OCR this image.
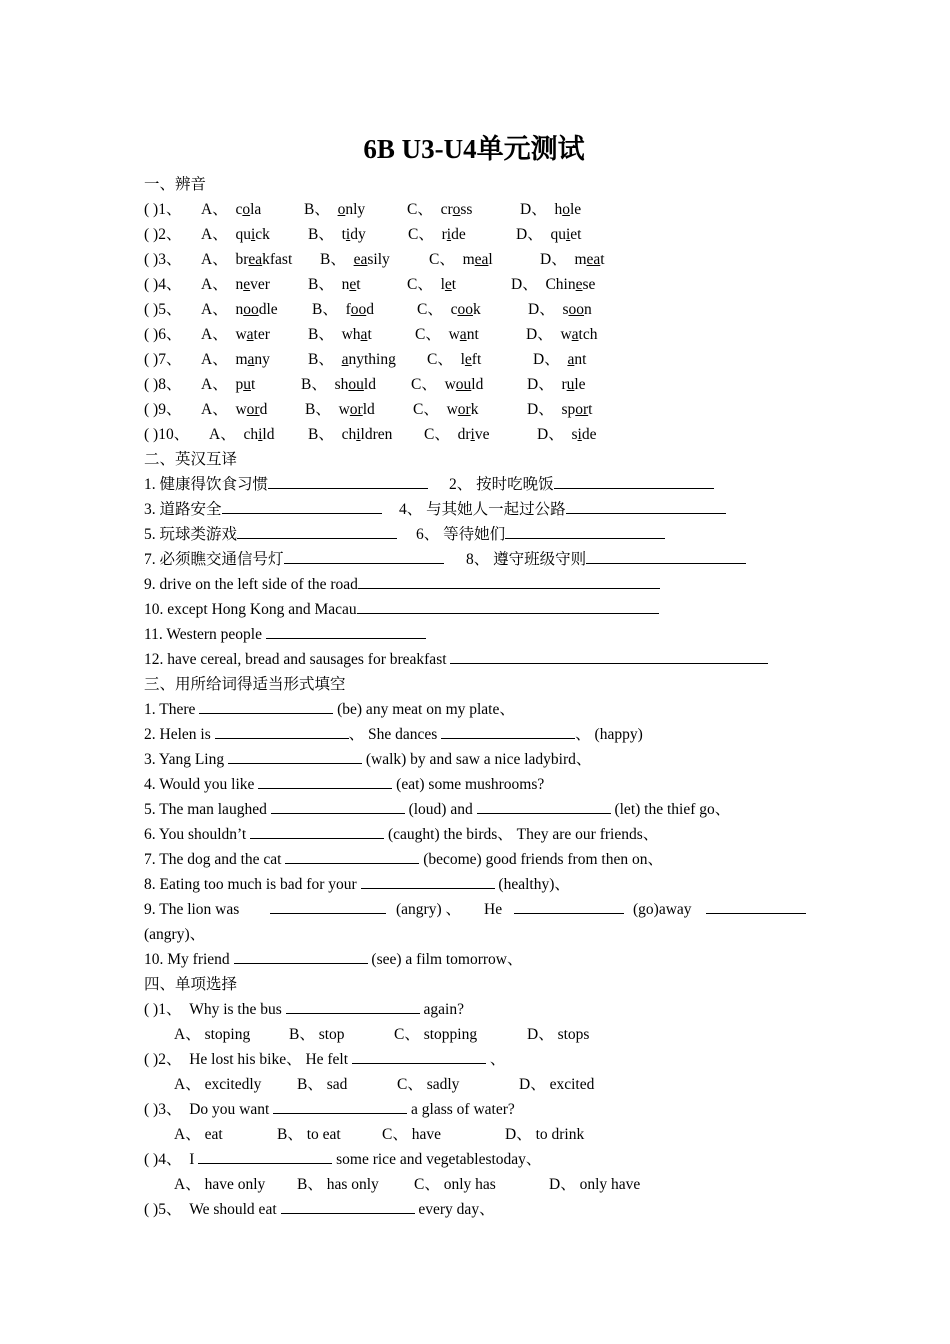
6B U3-U4单元测试
一、辨音
( )1、 A、 cola	B、 only	C、 cross	D、 hole
( )2、 A、 quick B、 tidy	C、 ride	D、 quiet
( )3、 A、 breakfast B、 easily	C、 meal	D、 meat
( )4、 A、 never B、 net	C、 let	D、 Chinese
( )5、 A、 noodle B、 food	C、 cook	D、 soon
( )6、 A、 water B、 what	C、 want	D、 watch
( )7、 A、 many B、 anything C、 left	D、 ant
( )8、 A、 put	B、 should C、 would	D、 rule
( )9、 A、 word B、 world C、 work	D、 sport
( )10、 A、 child B、 children C、 drive	D、 side
二、英汉互译
1. 健康得饮食习惯	2、 按时吃晚饭
3. 道路安全	4、 与其她人一起过公路
5. 玩球类游戏	6、 等待她们
7. 必须瞧交通信号灯	8、 遵守班级守则
9. drive on the left side of the road
10. except Hong Kong and Macau
11. Western people
12. have cereal, bread and sausages for breakfast
三、用所给词得适当形式填空
1. There	(be) any meat on my plate、
2. Helen is	、 She dances	、 (happy)
3. Yang Ling	(walk) by and saw a nice ladybird、
4. Would you like	(eat) some mushrooms?
5. The man laughed	(loud) and	(let) the thief go、
6. You shouldn’t	(caught) the birds、 They are our friends、
7. The dog and the cat	(become) good friends from then on、
8. Eating too much is bad for your	(healthy)、
9. The lion was	(angry) 、 He	(go)away
(angry)、
10. My friend	(see) a film tomorrow、
四、单项选择
( )1、 Why is the bus	again?
A、 stoping	B、 stop	C、 stopping	D、 stops
( )2、 He lost his bike、 He felt	、
A、 excitedly B、 sad	C、 sadly	D、 excited
( )3、 Do you want	a glass of water?
A、 eat	B、 to eat	C、 have	D、 to drink
( )4、 I	some rice and vegetablestoday、
A、 have only B、 has only C、 only has	D、 only have
( )5、 We should eat	every day、
